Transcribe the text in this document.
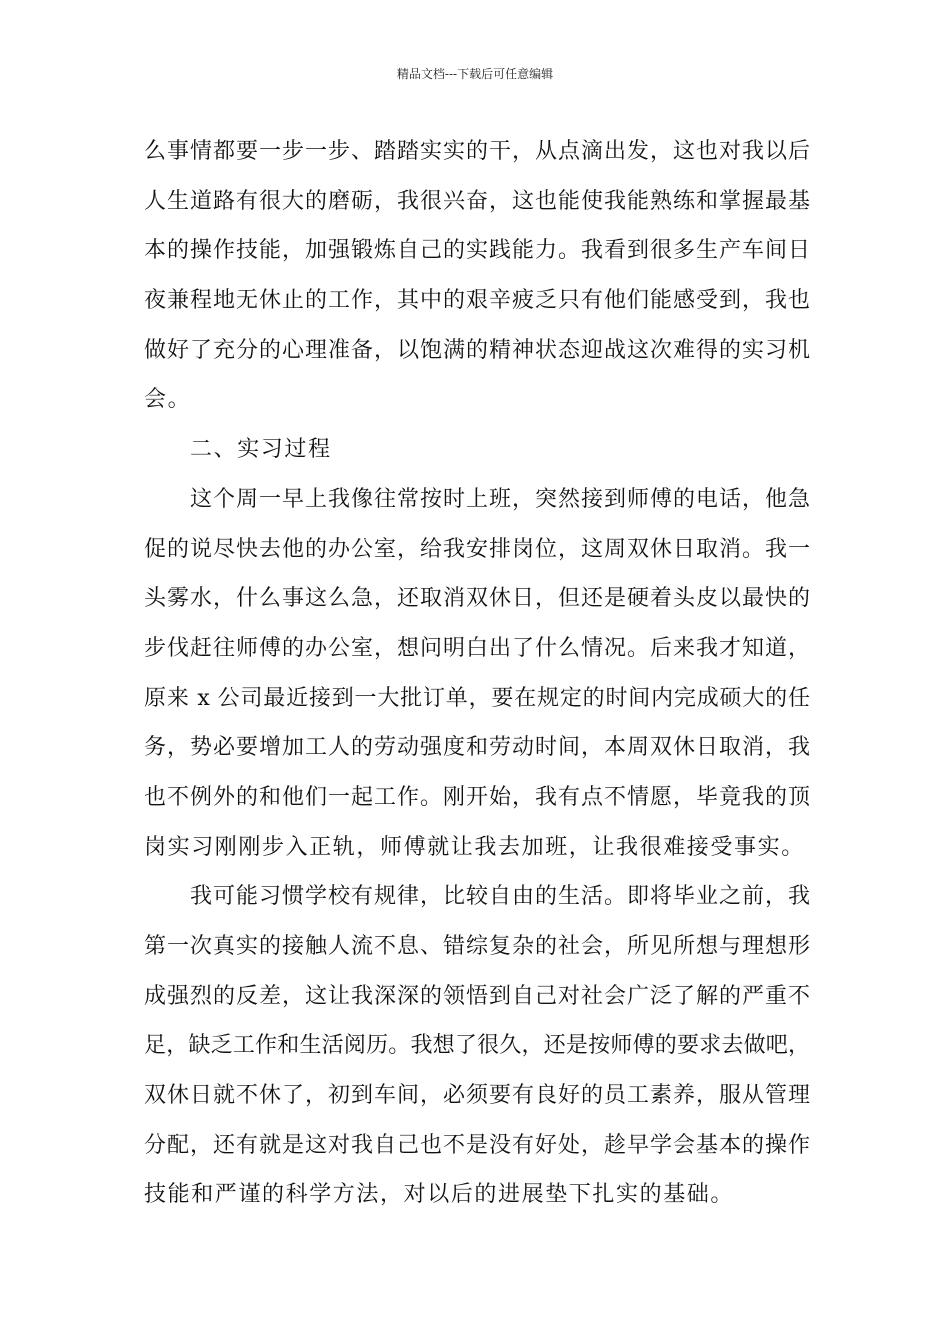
精品文档---下载后可任意编辑
么事情都要一步一步、踏踏实实的干，从点滴出发，这也对我以后
人生道路有很大的磨砺，我很兴奋，这也能使我能熟练和掌握最基
本的操作技能，加强锻炼自己的实践能力。我看到很多生产车间日
夜兼程地无休止的工作，其中的艰辛疲乏只有他们能感受到，我也
做好了充分的心理准备，以饱满的精神状态迎战这次难得的实习机
会。
二、实习过程
这个周一早上我像往常按时上班，突然接到师傅的电话，他急
促的说尽快去他的办公室，给我安排岗位，这周双休日取消。我一
头雾水，什么事这么急，还取消双休日，但还是硬着头皮以最快的
步伐赶往师傅的办公室，想问明白出了什么情况。后来我才知道，
原来 x 公司最近接到一大批订单，要在规定的时间内完成硕大的任
务，势必要增加工人的劳动强度和劳动时间，本周双休日取消，我
也不例外的和他们一起工作。刚开始，我有点不情愿，毕竟我的顶
岗实习刚刚步入正轨，师傅就让我去加班，让我很难接受事实。
我可能习惯学校有规律，比较自由的生活。即将毕业之前，我
第一次真实的接触人流不息、错综复杂的社会，所见所想与理想形
成强烈的反差，这让我深深的领悟到自己对社会广泛了解的严重不
足，缺乏工作和生活阅历。我想了很久，还是按师傅的要求去做吧，
双休日就不休了，初到车间，必须要有良好的员工素养，服从管理
分配，还有就是这对我自己也不是没有好处，趁早学会基本的操作
技能和严谨的科学方法，对以后的进展垫下扎实的基础。
